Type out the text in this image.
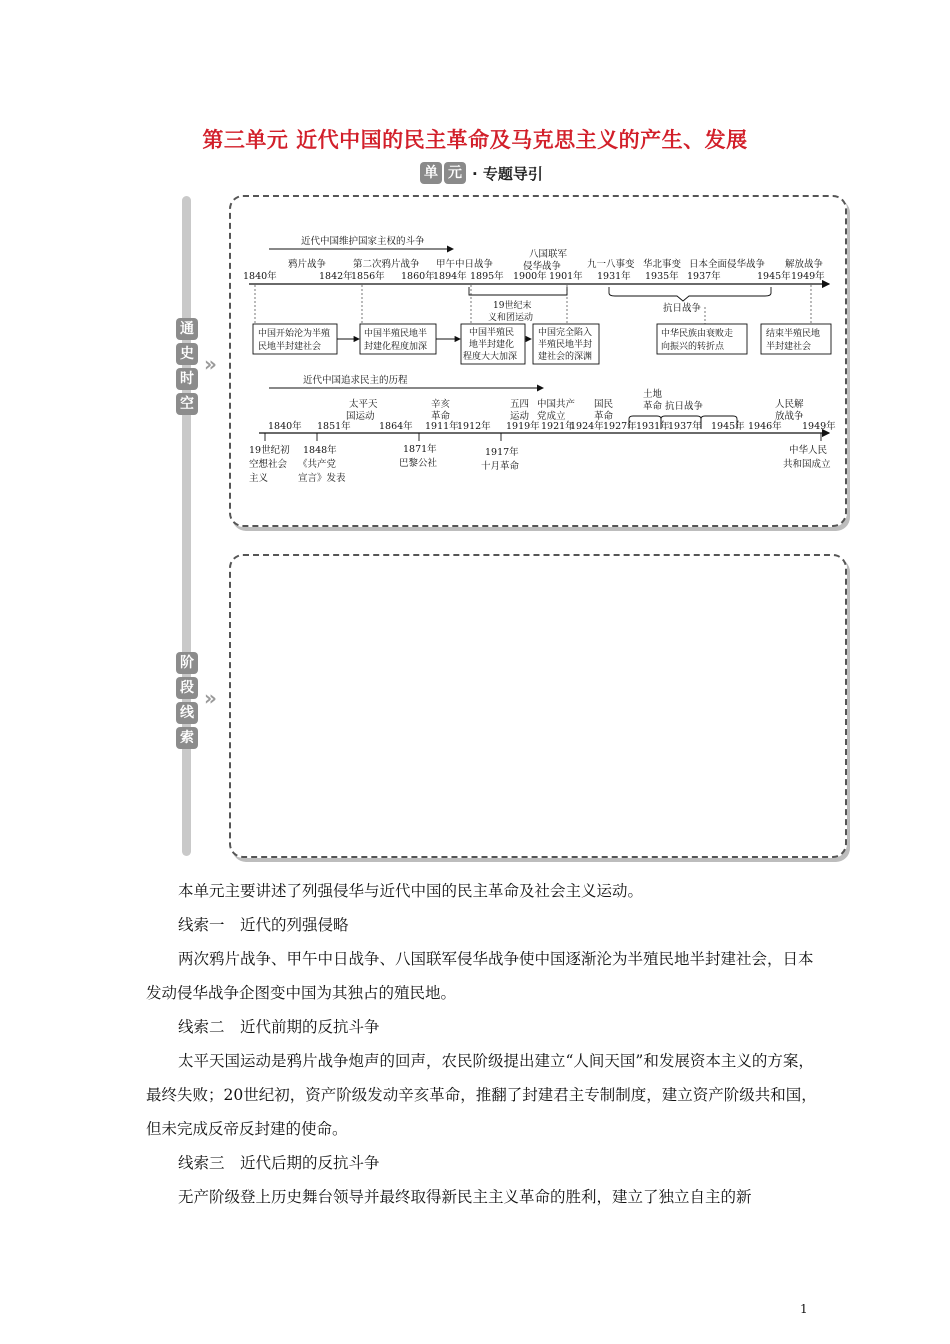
第三单元 近代中国的民主革命及马克思主义的产生、发展
单 元 · 专题导引
通
史
时
空
»
阶
段
线
索
»
近代中国维护国家主权的斗争
鸦片战争	第二次鸦片战争 甲午中日战争
八国联军
侵华战争	九一八事变 华北事变 日本全面侵华战争 解放战争
1840年	1842年
1856年 1860年
1894年 1895年 1900年 1901年 1931年 1935年 1937年	1945年 1949年
19世纪末
义和团运动
抗日战争
中国开始沦为半殖
民地半封建社会
中国半殖民地半
封建化程度加深
中国半殖民
地半封建化
程度大大加深
中国完全陷入
半殖民地半封
建社会的深渊
中华民族由衰败走
向振兴的转折点
结束半殖民地
半封建社会
近代中国追求民主的历程
太平天
国运动
辛亥
革命
五四
运动
中国共产
党成立
国民
革命
土地
革命 抗日战争	人民解
放战争
1840年 1851年	1864年 1911年
1912年 1919年 1921年
1924年 1927年 1931年
1937年 1945年 1946年 1949年
19世纪初
空想社会
主义
1848年
《共产党
宣言》发表
1871年
巴黎公社
1917年
十月革命
中华人民
共和国成立
本单元主要讲述了列强侵华与近代中国的民主革命及社会主义运动。
线索一　近代的列强侵略
两次鸦片战争、甲午中日战争、八国联军侵华战争使中国逐渐沦为半殖民地半封建社会，日本发动侵华战争企图变中国为其独占的殖民地。
线索二　近代前期的反抗斗争
太平天国运动是鸦片战争炮声的回声，农民阶级提出建立“人间天国”和发展资本主义的方案，最终失败；20世纪初，资产阶级发动辛亥革命，推翻了封建君主专制制度，建立资产阶级共和国，但未完成反帝反封建的使命。
线索三　近代后期的反抗斗争
无产阶级登上历史舞台领导并最终取得新民主主义革命的胜利，建立了独立自主的新
1
